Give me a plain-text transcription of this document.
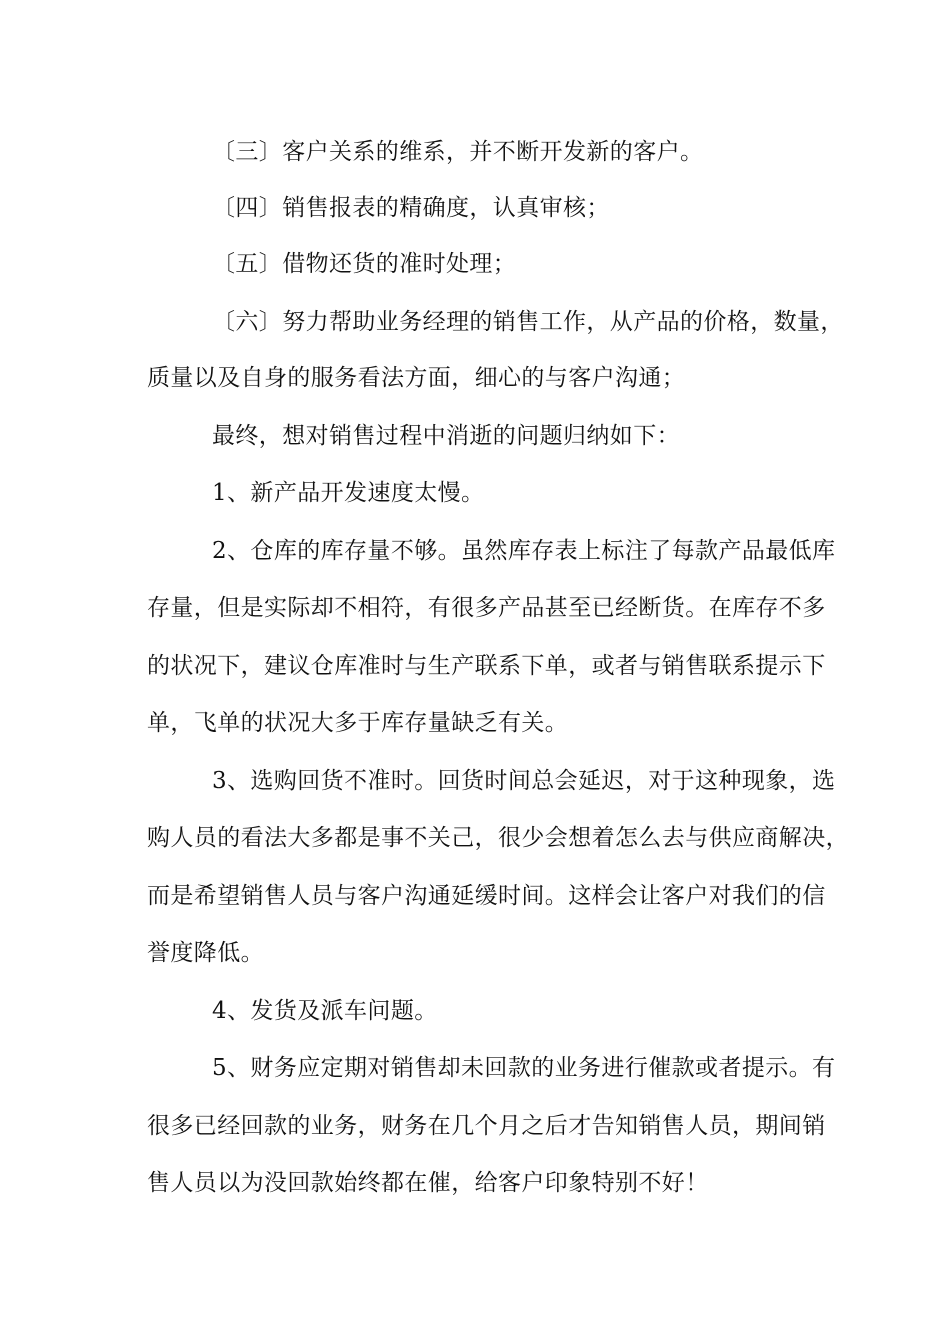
〔三〕客户关系的维系，并不断开发新的客户。
〔四〕销售报表的精确度，认真审核；
〔五〕借物还货的准时处理；
〔六〕努力帮助业务经理的销售工作，从产品的价格，数量，
质量以及自身的服务看法方面，细心的与客户沟通；
最终，想对销售过程中消逝的问题归纳如下：
1、新产品开发速度太慢。
2、仓库的库存量不够。虽然库存表上标注了每款产品最低库
存量，但是实际却不相符，有很多产品甚至已经断货。在库存不多
的状况下，建议仓库准时与生产联系下单，或者与销售联系提示下
单，飞单的状况大多于库存量缺乏有关。
3、选购回货不准时。回货时间总会延迟，对于这种现象，选
购人员的看法大多都是事不关己，很少会想着怎么去与供应商解决，
而是希望销售人员与客户沟通延缓时间。这样会让客户对我们的信
誉度降低。
4、发货及派车问题。
5、财务应定期对销售却未回款的业务进行催款或者提示。有
很多已经回款的业务，财务在几个月之后才告知销售人员，期间销
售人员以为没回款始终都在催，给客户印象特别不好！
